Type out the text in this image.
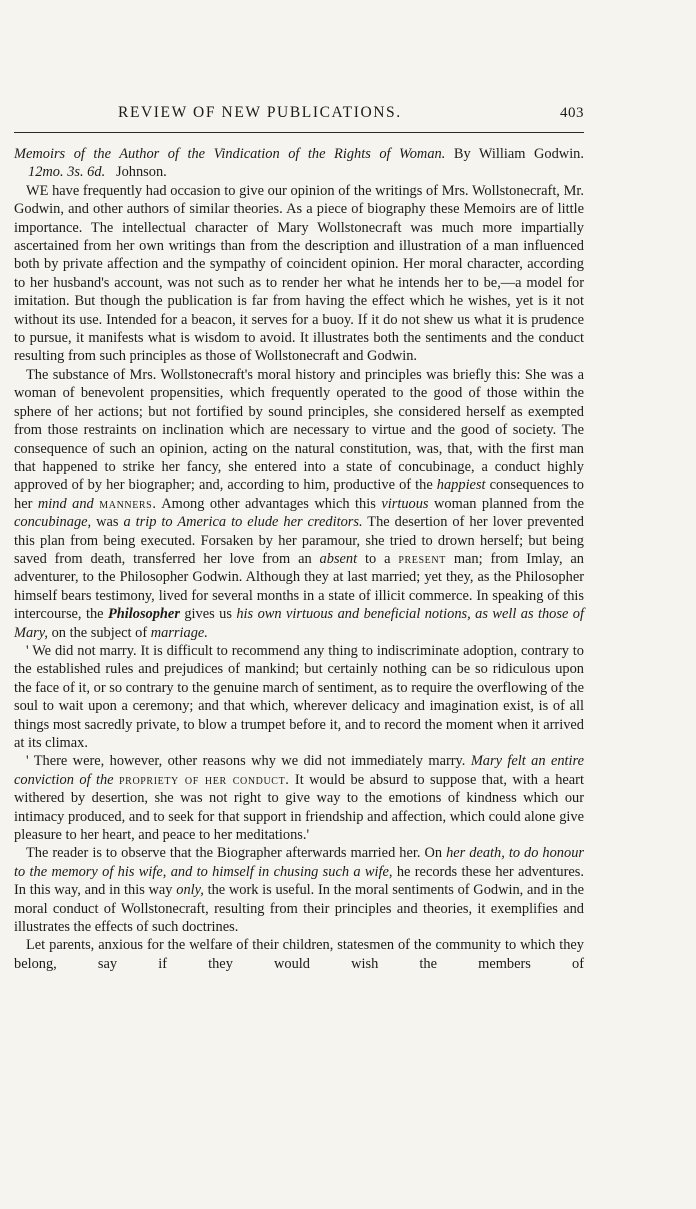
REVIEW OF NEW PUBLICATIONS.	403
Memoirs of the Author of the Vindication of the Rights of Woman. By William Godwin.
12mo. 3s. 6d. Johnson.

WE have frequently had occasion to give our opinion of the writings of Mrs. Wollstonecraft, Mr. Godwin, and other authors of similar theories. As a piece of biography these Memoirs are of little importance. The intellectual character of Mary Wollstonecraft was much more impartially ascertained from her own writings than from the description and illustration of a man influenced both by private affection and the sympathy of coincident opinion. Her moral character, according to her husband's account, was not such as to render her what he intends her to be,—a model for imitation. But though the publication is far from having the effect which he wishes, yet is it not without its use. Intended for a beacon, it serves for a buoy. If it do not shew us what it is prudence to pursue, it manifests what is wisdom to avoid. It illustrates both the sentiments and the conduct resulting from such principles as those of Wollstonecraft and Godwin.

The substance of Mrs. Wollstonecraft's moral history and principles was briefly this: She was a woman of benevolent propensities, which frequently operated to the good of those within the sphere of her actions; but not fortified by sound principles, she considered herself as exempted from those restraints on inclination which are necessary to virtue and the good of society. The consequence of such an opinion, acting on the natural constitution, was, that, with the first man that happened to strike her fancy, she entered into a state of concubinage, a conduct highly approved of by her biographer; and, according to him, productive of the happiest consequences to her mind and manners. Among other advantages which this virtuous woman planned from the concubinage, was a trip to America to elude her creditors. The desertion of her lover prevented this plan from being executed. Forsaken by her paramour, she tried to drown herself; but being saved from death, transferred her love from an absent to a present man; from Imlay, an adventurer, to the Philosopher Godwin. Although they at last married; yet they, as the Philosopher himself bears testimony, lived for several months in a state of illicit commerce. In speaking of this intercourse, the Philosopher gives us his own virtuous and beneficial notions, as well as those of Mary, on the subject of marriage.

' We did not marry. It is difficult to recommend any thing to indiscriminate adoption, contrary to the established rules and prejudices of mankind; but certainly nothing can be so ridiculous upon the face of it, or so contrary to the genuine march of sentiment, as to require the overflowing of the soul to wait upon a ceremony; and that which, wherever delicacy and imagination exist, is of all things most sacredly private, to blow a trumpet before it, and to record the moment when it arrived at its climax.

' There were, however, other reasons why we did not immediately marry. Mary felt an entire conviction of the propriety of her conduct. It would be absurd to suppose that, with a heart withered by desertion, she was not right to give way to the emotions of kindness which our intimacy produced, and to seek for that support in friendship and affection, which could alone give pleasure to her heart, and peace to her meditations.'

The reader is to observe that the Biographer afterwards married her. On her death, to do honour to the memory of his wife, and to himself in chusing such a wife, he records these her adventures. In this way, and in this way only, the work is useful. In the moral sentiments of Godwin, and in the moral conduct of Wollstonecraft, resulting from their principles and theories, it exemplifies and illustrates the effects of such doctrines.

Let parents, anxious for the welfare of their children, statesmen of the community to which they belong, say if they would wish the members of
